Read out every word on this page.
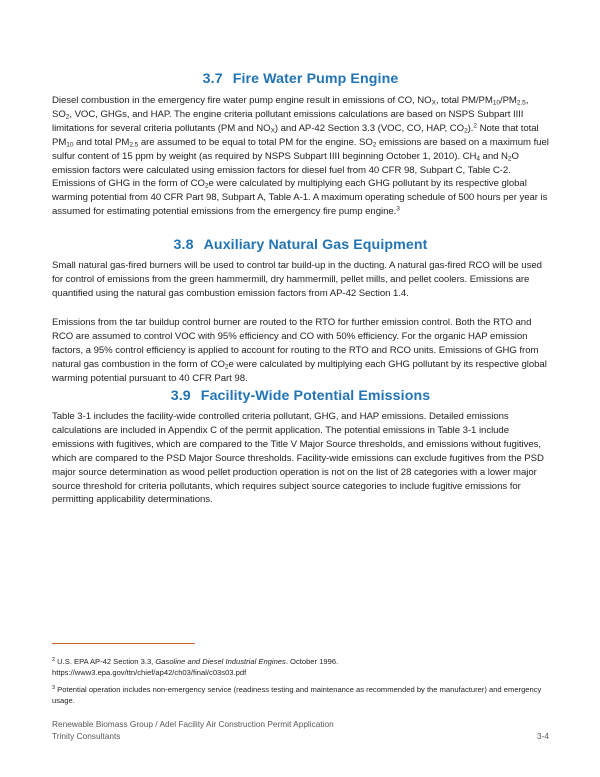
3.7 Fire Water Pump Engine

Diesel combustion in the emergency fire water pump engine result in emissions of CO, $NO_X$, total $PM/PM_{10}/PM_{2.5}$, $SO_2$, VOC, GHGs, and HAP. The engine criteria pollutant emissions calculations are based on NSPS Subpart IIII limitations for several criteria pollutants (PM and $NO_X$) and AP-42 Section 3.3 (VOC, CO, HAP, $CO_2).^2$ Note that total $PM_{10}$ and total $PM_{2.5}$ are assumed to be equal to total PM for the engine. $SO_2$ emissions are based on a maximum fuel sulfur content of 15 ppm by weight (as required by NSPS Subpart IIII beginning October 1, 2010). $CH_4$ and $N_2O$ emission factors were calculated using emission factors for diesel fuel from 40 CFR 98, Subpart C, Table C-2. Emissions of GHG in the form of $CO_2e$ were calculated by multiplying each GHG pollutant by its respective global warming potential from 40 CFR Part 98, Subpart A, Table A-1. A maximum operating schedule of 500 hours per year is assumed for estimating potential emissions from the emergency fire pump engine.$^3$

3.8 Auxiliary Natural Gas Equipment

Small natural gas-fired burners will be used to control tar build-up in the ducting. A natural gas-fired RCO will be used for control of emissions from the green hammermill, dry hammermill, pellet mills, and pellet coolers. Emissions are quantified using the natural gas combustion emission factors from AP-42 Section 1.4.

Emissions from the tar buildup control burner are routed to the RTO for further emission control. Both the RTO and RCO are assumed to control VOC with 95% efficiency and CO with 50% efficiency. For the organic HAP emission factors, a 95% control efficiency is applied to account for routing to the RTO and RCO units. Emissions of GHG from natural gas combustion in the form of $CO_2e$ were calculated by multiplying each GHG pollutant by its respective global warming potential pursuant to 40 CFR Part 98.

3.9 Facility-Wide Potential Emissions

Table 3-1 includes the facility-wide controlled criteria pollutant, GHG, and HAP emissions. Detailed emissions calculations are included in Appendix C of the permit application. The potential emissions in Table 3-1 include emissions with fugitives, which are compared to the Title V Major Source thresholds, and emissions without fugitives, which are compared to the PSD Major Source thresholds. Facility-wide emissions can exclude fugitives from the PSD major source determination as wood pellet production operation is not on the list of 28 categories with a lower major source threshold for criteria pollutants, which requires subject source categories to include fugitive emissions for permitting applicability determinations.

$^2$ U.S. EPA AP-42 Section 3.3, Gasoline and Diesel Industrial Engines. October 1996.
https://www3.epa.gov/ttn/chief/ap42/ch03/final/c03s03.pdf

$^3$ Potential operation includes non-emergency service (readiness testing and maintenance as recommended by the manufacturer) and emergency usage.

Renewable Biomass Group / Adel Facility Air Construction Permit Application
Trinity Consultants	3-4
